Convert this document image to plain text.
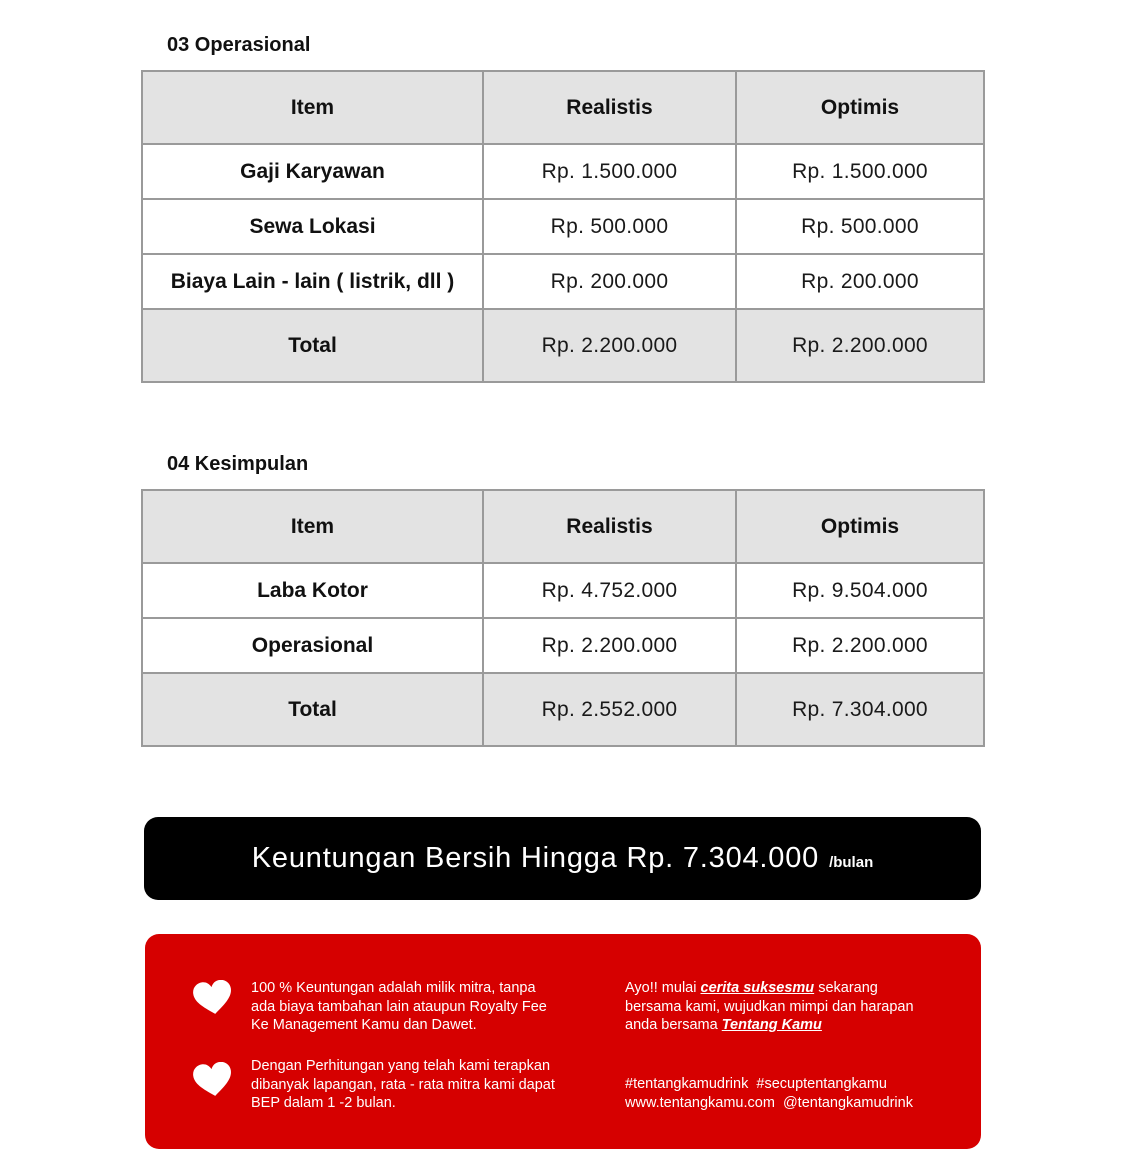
03 Operasional
Item	Realistis	Optimis
Gaji Karyawan	Rp. 1.500.000	Rp. 1.500.000
Sewa Lokasi	Rp. 500.000	Rp. 500.000
Biaya Lain - lain ( listrik, dll )	Rp. 200.000	Rp. 200.000
Total	Rp. 2.200.000	Rp. 2.200.000
04 Kesimpulan
Item	Realistis	Optimis
Laba Kotor	Rp. 4.752.000	Rp. 9.504.000
Operasional	Rp. 2.200.000	Rp. 2.200.000
Total	Rp. 2.552.000	Rp. 7.304.000
Keuntungan Bersih Hingga Rp. 7.304.000 /bulan
100 % Keuntungan adalah milik mitra, tanpa
ada biaya tambahan lain ataupun Royalty Fee
Ke Management Kamu dan Dawet.
Dengan Perhitungan yang telah kami terapkan
dibanyak lapangan, rata - rata mitra kami dapat
BEP dalam 1 -2 bulan.
Ayo!! mulai cerita suksesmu sekarang
bersama kami, wujudkan mimpi dan harapan
anda bersama Tentang Kamu
#tentangkamudrink  #secuptentangkamu
www.tentangkamu.com  @tentangkamudrink
